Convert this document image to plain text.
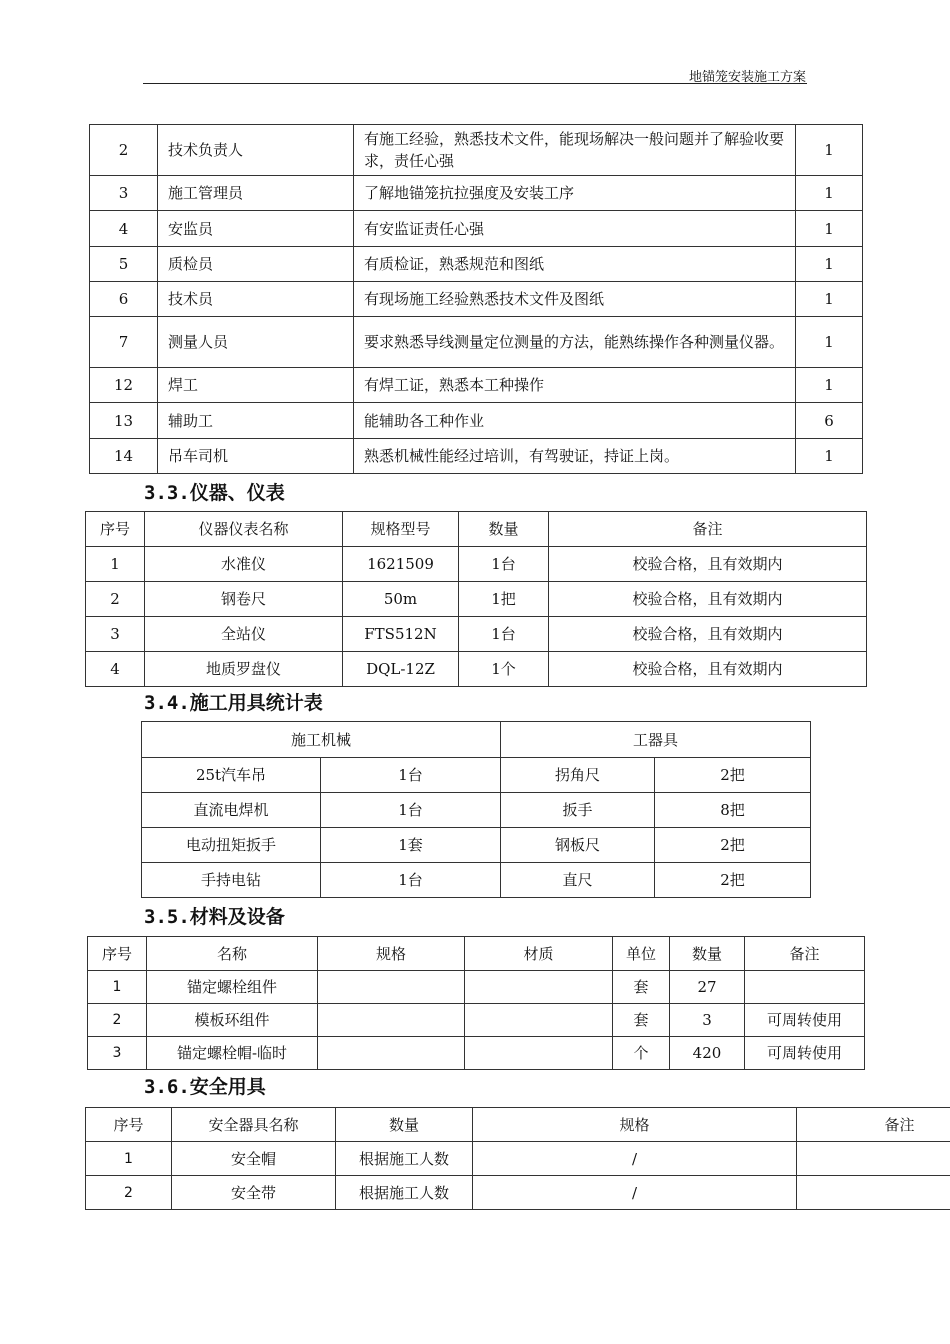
地锚笼安装施工方案
2	技术负责人	有施工经验，熟悉技术文件，能现场解决一般问题并了解验收要求，责任心强	1
3	施工管理员	了解地锚笼抗拉强度及安装工序	1
4	安监员	有安监证责任心强	1
5	质检员	有质检证，熟悉规范和图纸	1
6	技术员	有现场施工经验熟悉技术文件及图纸	1
7	测量人员	要求熟悉导线测量定位测量的方法，能熟练操作各种测量仪器。	1
12	焊工	有焊工证，熟悉本工种操作	1
13	辅助工	能辅助各工种作业	6
14	吊车司机	熟悉机械性能经过培训，有驾驶证，持证上岗。	1
3.3.仪器、仪表
序号	仪器仪表名称	规格型号	数量	备注
1	水准仪	1621509	1台	校验合格，且有效期内
2	钢卷尺	50m	1把	校验合格，且有效期内
3	全站仪	FTS512N	1台	校验合格，且有效期内
4	地质罗盘仪	DQL-12Z	1个	校验合格，且有效期内
3.4.施工用具统计表
施工机械		工器具	
25t汽车吊	1台	拐角尺	2把
直流电焊机	1台	扳手	8把
电动扭矩扳手	1套	钢板尺	2把
手持电钻	1台	直尺	2把
3.5.材料及设备
序号	名称	规格	材质	单位	数量	备注
1	锚定螺栓组件			套	27	
2	模板环组件			套	3	可周转使用
3	锚定螺栓帽-临时			个	420	可周转使用
3.6.安全用具
序号	安全器具名称	数量	规格	备注
1	安全帽	根据施工人数	/	
2	安全带	根据施工人数	/	
